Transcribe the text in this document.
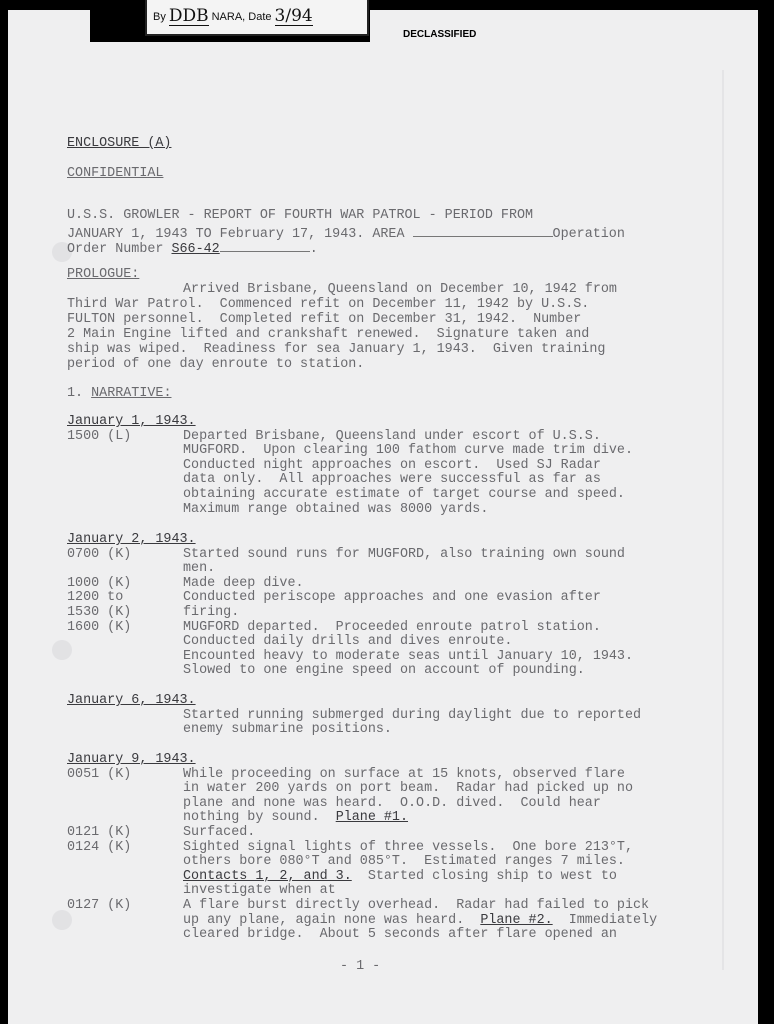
By DDB NARA, Date 3/94
DECLASSIFIED
ENCLOSURE (A)
CONFIDENTIAL
U.S.S. GROWLER - REPORT OF FOURTH WAR PATROL - PERIOD FROM
JANUARY 1, 1943 TO February 17, 1943. AREA	Operation
Order Number S66-42	.
PROLOGUE:
Arrived Brisbane, Queensland on December 10, 1942 from
Third War Patrol.  Commenced refit on December 11, 1942 by U.S.S.
FULTON personnel.  Completed refit on December 31, 1942.  Number
2 Main Engine lifted and crankshaft renewed.  Signature taken and
ship was wiped.  Readiness for sea January 1, 1943.  Given training
period of one day enroute to station.
1. NARRATIVE:
January 1, 1943.
1500 (L)	Departed Brisbane, Queensland under escort of U.S.S.
MUGFORD.  Upon clearing 100 fathom curve made trim dive.
Conducted night approaches on escort.  Used SJ Radar
data only.  All approaches were successful as far as
obtaining accurate estimate of target course and speed.
Maximum range obtained was 8000 yards.
January 2, 1943.
0700 (K)	Started sound runs for MUGFORD, also training own sound
men.
1000 (K)	Made deep dive.
1200 to	Conducted periscope approaches and one evasion after
1530 (K)	firing.
1600 (K)	MUGFORD departed.  Proceeded enroute patrol station.
Conducted daily drills and dives enroute.
Encounted heavy to moderate seas until January 10, 1943.
Slowed to one engine speed on account of pounding.
January 6, 1943.
Started running submerged during daylight due to reported
enemy submarine positions.
January 9, 1943.
0051 (K)	While proceeding on surface at 15 knots, observed flare
in water 200 yards on port beam.  Radar had picked up no
plane and none was heard.  O.O.D. dived.  Could hear
nothing by sound.  Plane #1.
0121 (K)	Surfaced.
0124 (K)	Sighted signal lights of three vessels.  One bore 213°T,
others bore 080°T and 085°T.  Estimated ranges 7 miles.
Contacts 1, 2, and 3.  Started closing ship to west to
investigate when at
0127 (K)	A flare burst directly overhead.  Radar had failed to pick
up any plane, again none was heard.  Plane #2.  Immediately
cleared bridge.  About 5 seconds after flare opened an
- 1 -
